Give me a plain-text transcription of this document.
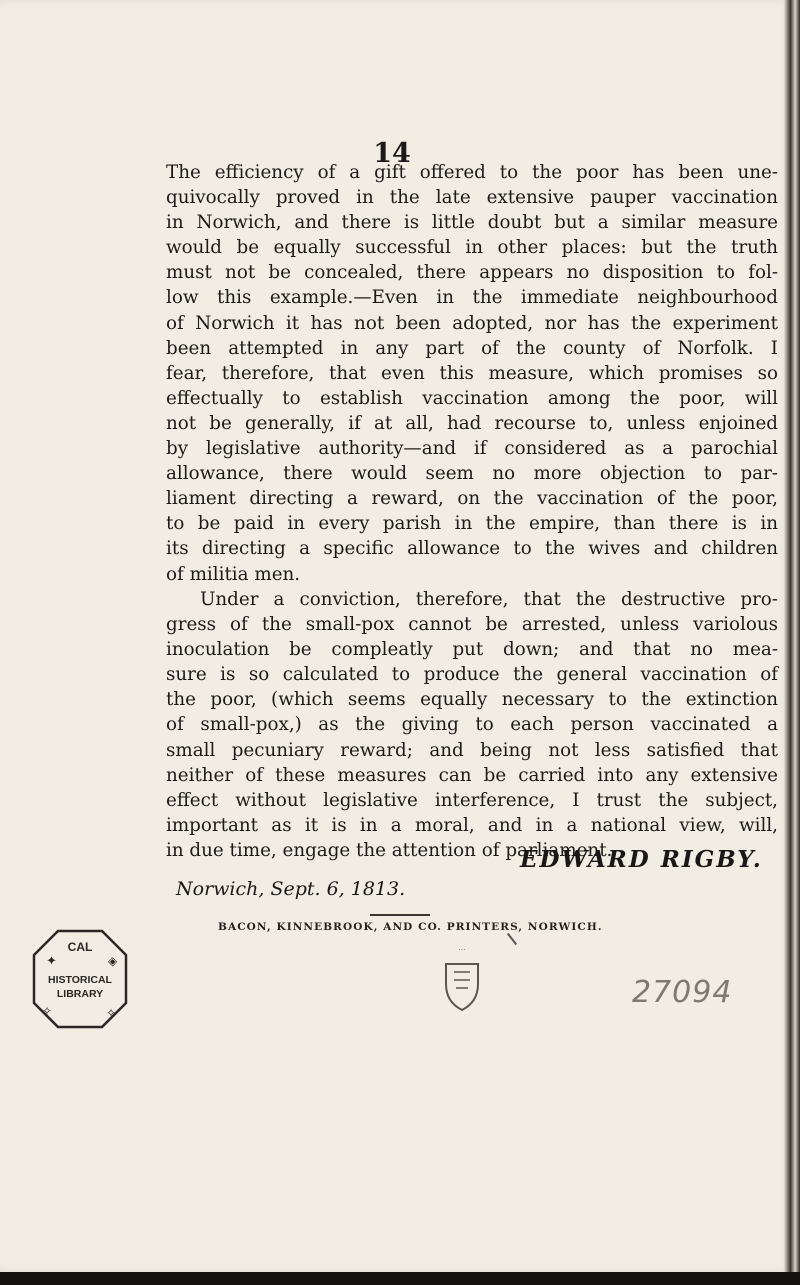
14

The efficiency of a gift offered to the poor has been une-
quivocally proved in the late extensive pauper vaccination
in Norwich, and there is little doubt but a similar measure
would be equally successful in other places: but the truth
must not be concealed, there appears no disposition to fol-
low this example.—Even in the immediate neighbourhood
of Norwich it has not been adopted, nor has the experiment
been attempted in any part of the county of Norfolk. I
fear, therefore, that even this measure, which promises so
effectually to establish vaccination among the poor, will
not be generally, if at all, had recourse to, unless enjoined
by legislative authority—and if considered as a parochial
allowance, there would seem no more objection to par-
liament directing a reward, on the vaccination of the poor,
to be paid in every parish in the empire, than there is in
its directing a specific allowance to the wives and children
of militia men.

Under a conviction, therefore, that the destructive pro-
gress of the small-pox cannot be arrested, unless variolous
inoculation be compleatly put down; and that no mea-
sure is so calculated to produce the general vaccination of
the poor, (which seems equally necessary to the extinction
of small-pox,) as the giving to each person vaccinated a
small pecuniary reward; and being not less satisfied that
neither of these measures can be carried into any extensive
effect without legislative interference, I trust the subject,
important as it is in a moral, and in a national view, will,
in due time, engage the attention of parliament.

EDWARD RIGBY.
Norwich, Sept. 6, 1813.
BACON, KINNEBROOK, AND CO. PRINTERS, NORWICH.
CAL
HISTORICAL
LIBRARY
✦	◈
✧	✧
···
27094
